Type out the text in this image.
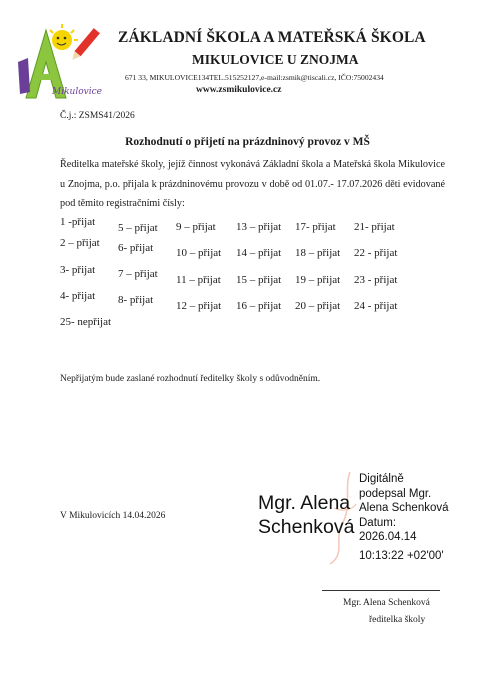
Mikulovice
ZÁKLADNÍ ŠKOLA A MATEŘSKÁ ŠKOLA
MIKULOVICE U ZNOJMA
671 33, MIKULOVICE134TEL.515252127,e-mail:zsmik@tiscali.cz, IČO:75002434
www.zsmikulovice.cz
Č.j.: ZSMS41/2026
Rozhodnutí o přijetí na prázdninový provoz v MŠ
Ředitelka mateřské školy, jejíž činnost vykonává Základní škola a Mateřská škola Mikulovice u Znojma, p.o. přijala k prázdninovému provozu v době od 01.07.- 17.07.2026 děti evidované pod těmito registračními čísly:
1 -přijat
2 – přijat
3- přijat
4- přijat
25- nepřijat
5 – přijat
6- přijat
7 – přijat
8- přijat
9 – přijat
10 – přijat
11 – přijat
12 – přijat
13 – přijat
14 – přijat
15 – přijat
16 – přijat
17- přijat
18 – přijat
19 – přijat
20 – přijat
21- přijat
22 - přijat
23 - přijat
24 - přijat
Nepřijatým bude zaslané rozhodnutí ředitelky školy s odůvodněním.
V Mikulovicích 14.04.2026
Mgr. Alena Schenková
Digitálně
podepsal Mgr.
Alena Schenková
Datum:
2026.04.14
10:13:22 +02'00'
Mgr. Alena Schenková
ředitelka školy
